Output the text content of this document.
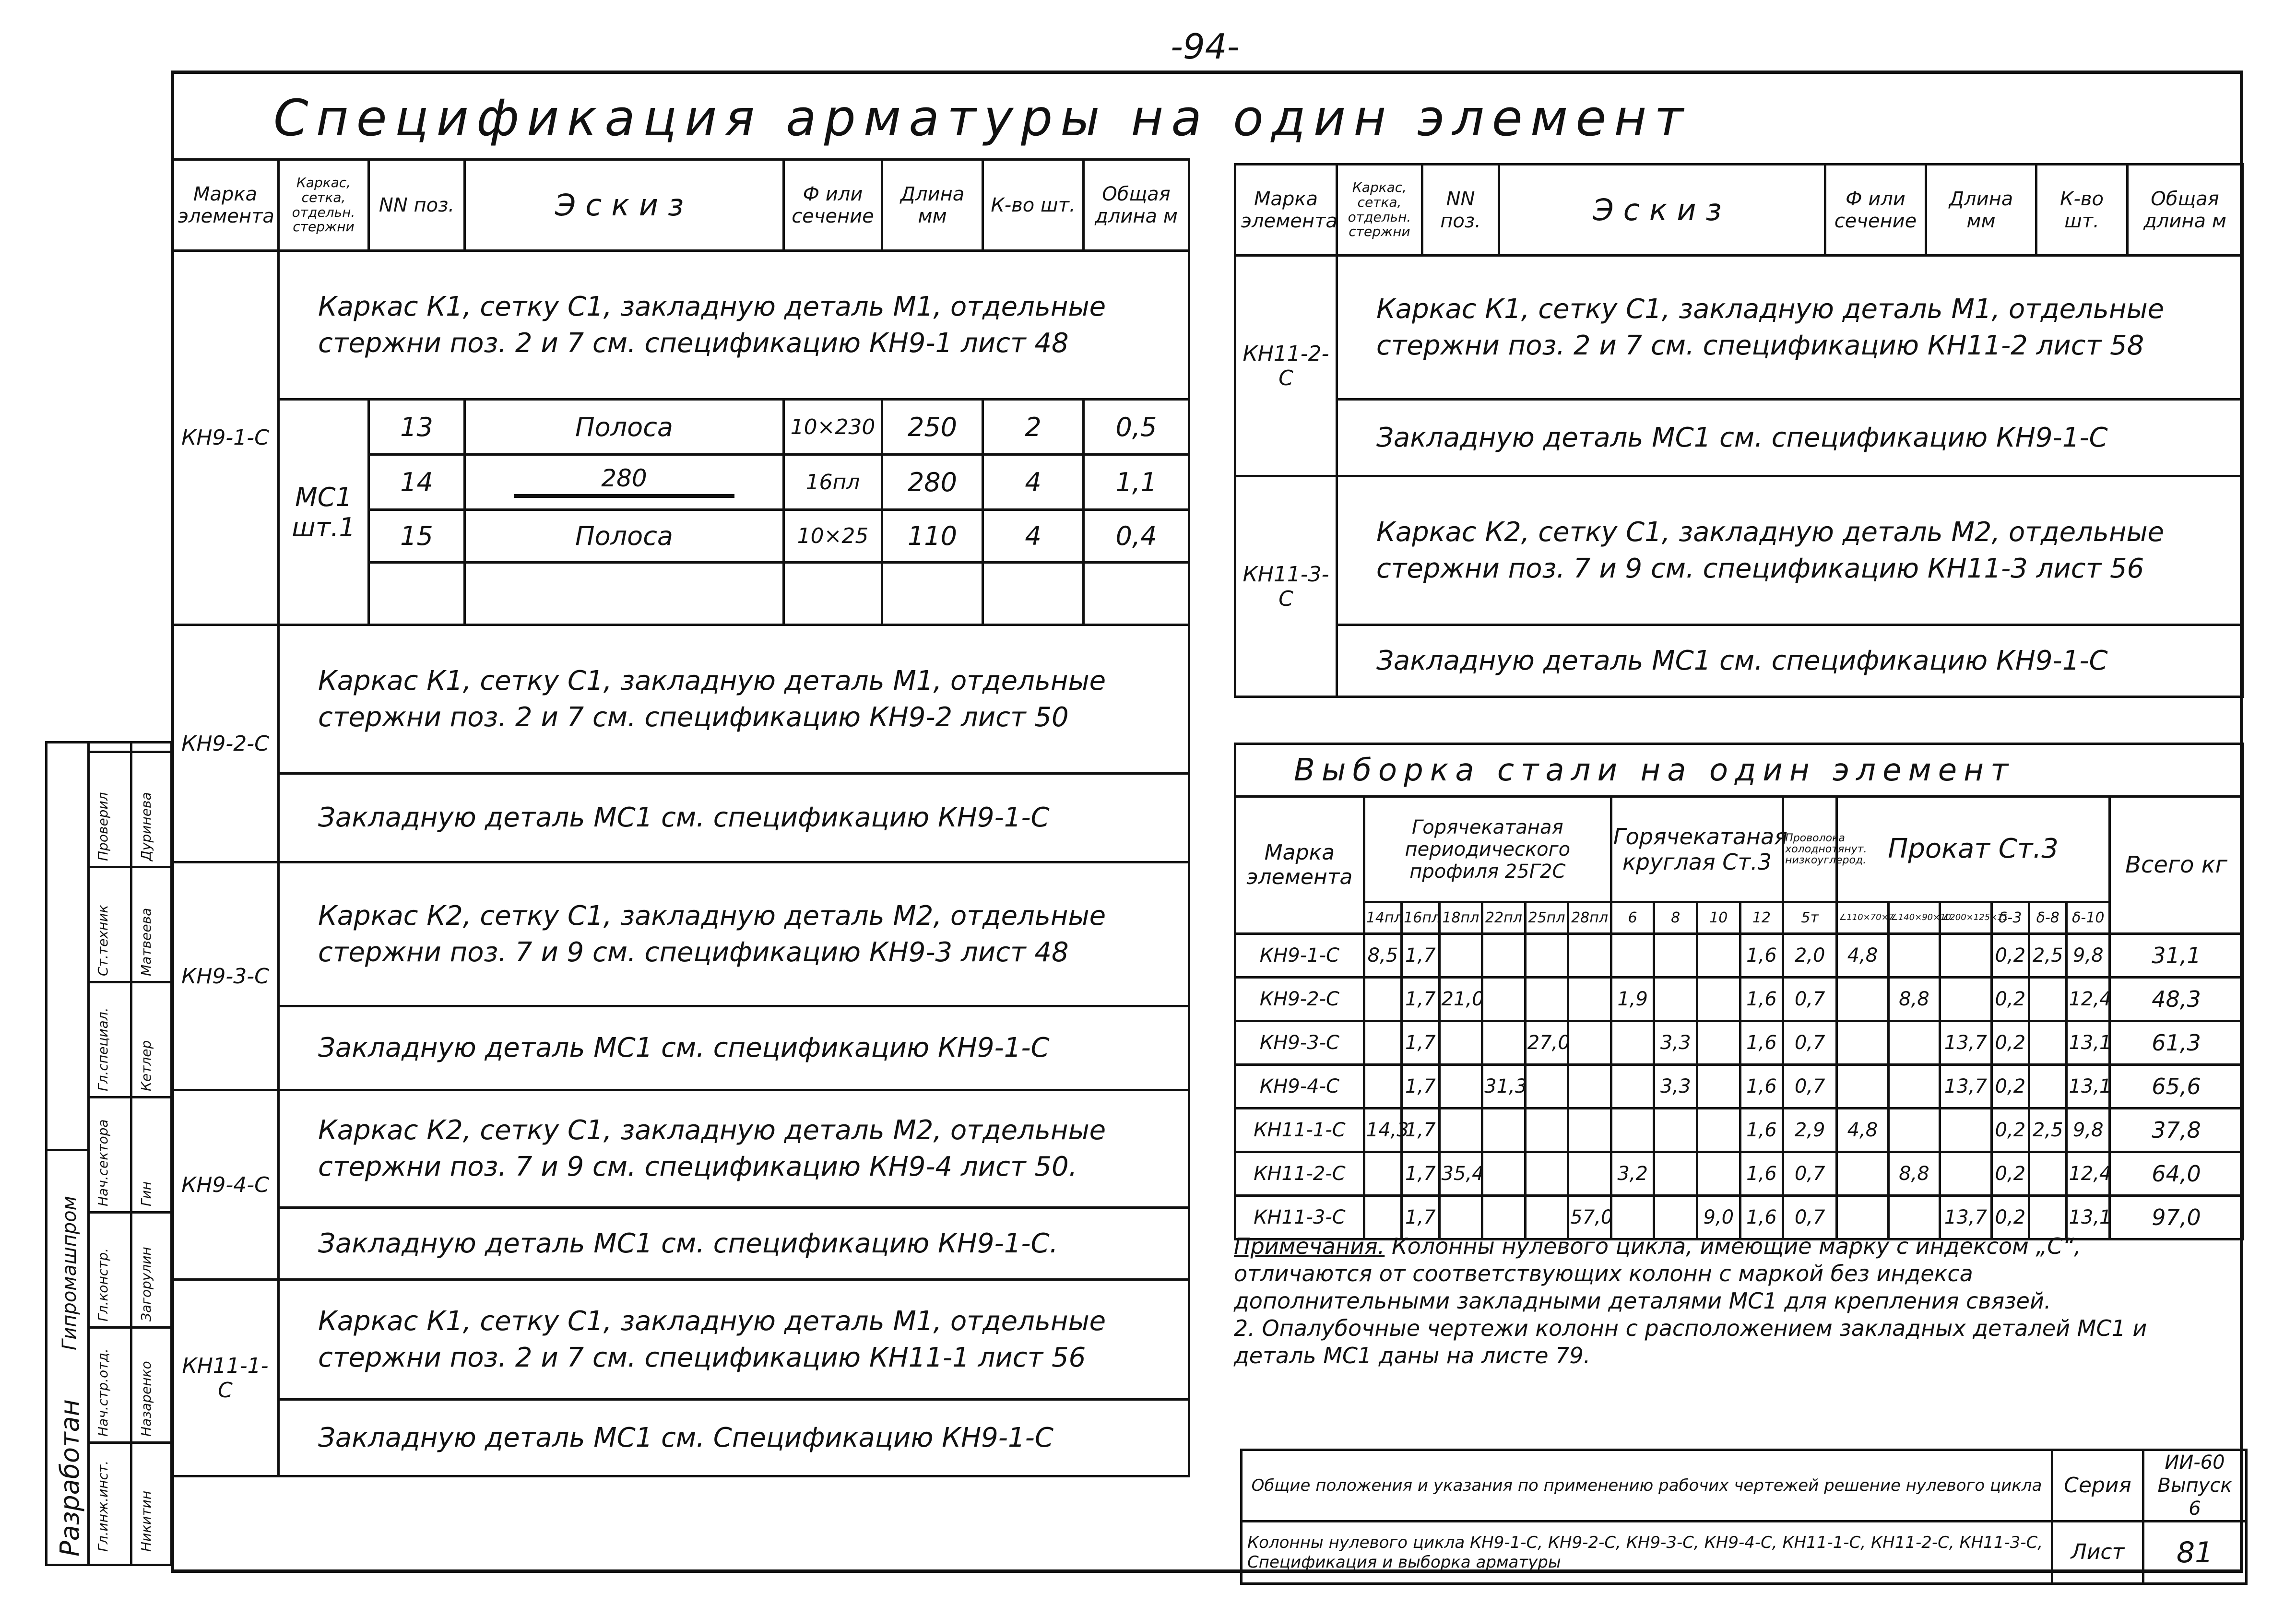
-94-
Спецификация арматуры на один элемент
Марка элемента	Каркас, сетка, отдельн. стержни	NN поз.	Эскиз	Ф или сечение	Длина мм	К-во шт.	Общая длина м
КН9-1-С	Каркас К1, сетку С1, закладную деталь М1, отдельные стержни поз. 2 и 7 см. спецификацию КН9-1 лист 48						
	МС1 шт.1	13	Полоса	10×230	250	2	0,5
		14	280	16пл	280	4	1,1
		15	Полоса	10×25	110	4	0,4

КН9-2-С	Каркас К1, сетку С1, закладную деталь М1, отдельные стержни поз. 2 и 7 см. спецификацию КН9-2 лист 50						
	Закладную деталь МС1 см. спецификацию КН9-1-С						
КН9-3-С	Каркас К2, сетку С1, закладную деталь М2, отдельные стержни поз. 7 и 9 см. спецификацию КН9-3 лист 48						
	Закладную деталь МС1 см. спецификацию КН9-1-С						
КН9-4-С	Каркас К2, сетку С1, закладную деталь М2, отдельные стержни поз. 7 и 9 см. спецификацию КН9-4 лист 50.						
	Закладную деталь МС1 см. спецификацию КН9-1-С.						
КН11-1-С	Каркас К1, сетку С1, закладную деталь М1, отдельные стержни поз. 2 и 7 см. спецификацию КН11-1 лист 56						
	Закладную деталь МС1 см. Спецификацию КН9-1-С						
Марка элемента	Каркас, сетка, отдельн. стержни	NN поз.	Эскиз	Ф или сечение	Длина мм	К-во шт.	Общая длина м
КН11-2-С	Каркас К1, сетку С1, закладную деталь М1, отдельные стержни поз. 2 и 7 см. спецификацию КН11-2 лист 58						
	Закладную деталь МС1 см. спецификацию КН9-1-С						
КН11-3-С	Каркас К2, сетку С1, закладную деталь М2, отдельные стержни поз. 7 и 9 см. спецификацию КН11-3 лист 56						
	Закладную деталь МС1 см. спецификацию КН9-1-С						
Выборка стали на один элемент																		
Марка элемента	Горячекатаная периодического профиля 25Г2С						Горячекатаная круглая Ст.3				Проволока холоднотянут. низкоуглерод.	Прокат Ст.3						Всего кг
	14пл	16пл	18пл	22пл	25пл	28пл	6	8	10	12	5т	∠110×70×7	∠140×90×10	∠200×125×11	δ-3	δ-8	δ-10	
КН9-1-С	8,5	1,7								1,6	2,0	4,8			0,2	2,5	9,8	31,1
КН9-2-С		1,7	21,0				1,9			1,6	0,7		8,8		0,2		12,4	48,3
КН9-3-С		1,7			27,0			3,3		1,6	0,7			13,7	0,2		13,1	61,3
КН9-4-С		1,7		31,3				3,3		1,6	0,7			13,7	0,2		13,1	65,6
КН11-1-С	14,3	1,7								1,6	2,9	4,8			0,2	2,5	9,8	37,8
КН11-2-С		1,7	35,4				3,2			1,6	0,7		8,8		0,2		12,4	64,0
КН11-3-С		1,7				57,0			9,0	1,6	0,7			13,7	0,2		13,1	97,0
Примечания. Колонны нулевого цикла, имеющие марку с индексом „С“, отличаются от соответствующих колонн с маркой без индекса дополнительными закладными деталями МС1 для крепления связей.
2. Опалубочные чертежи колонн с расположением закладных деталей МС1 и деталь МС1 даны на листе 79.
Общие положения и указания по применению рабочих чертежей решение нулевого цикла	Серия	ИИ-60 Выпуск 6
Колонны нулевого цикла КН9-1-С, КН9-2-С, КН9-3-С, КН9-4-С, КН11-1-С, КН11-2-С, КН11-3-С, Спецификация и выборка арматуры	Лист	81
Разработан
Гипромашпром
Гл.инж.инст. Никитин
Нач.стр.отд. Назаренко
Гл.констр. Загорулин
Нач.сектора Гин
Гл.специал. Кетлер
Ст.техник Матвеева
Проверил Дуринева
